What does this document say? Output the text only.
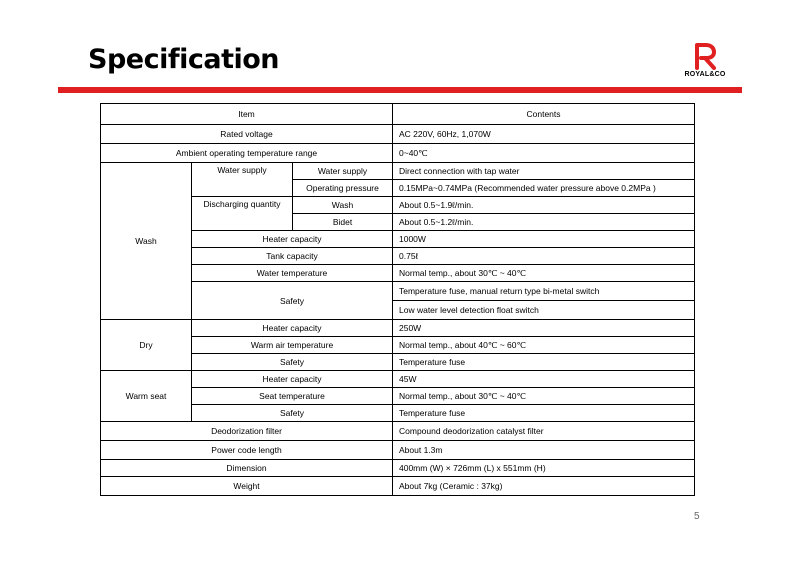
Specification	ROYAL&CO
Item			Contents
Rated voltage			AC 220V, 60Hz, 1,070W
Ambient operating temperature range			0~40℃
Wash	Water supply	Water supply	Direct connection with tap water
		Operating pressure	0.15MPa~0.74MPa (Recommended water pressure above 0.2MPa )
	Discharging quantity	Wash	About 0.5~1.9ℓ/min.
		Bidet	About 0.5~1.2ℓ/min.
	Heater capacity		1000W
	Tank capacity		0.75ℓ
	Water temperature		Normal temp., about 30℃ ~ 40℃
	Safety		Temperature fuse, manual return type bi-metal switch
			Low water level detection float switch
Dry	Heater capacity		250W
	Warm air temperature		Normal temp., about 40℃ ~ 60℃
	Safety		Temperature fuse
Warm seat	Heater capacity		45W
	Seat temperature		Normal temp., about 30℃ ~ 40℃
	Safety		Temperature fuse
Deodorization filter			Compound deodorization catalyst filter
Power code length			About 1.3m
Dimension			400mm (W) × 726mm (L) x 551mm (H)
Weight			About 7kg (Ceramic : 37kg)
5
